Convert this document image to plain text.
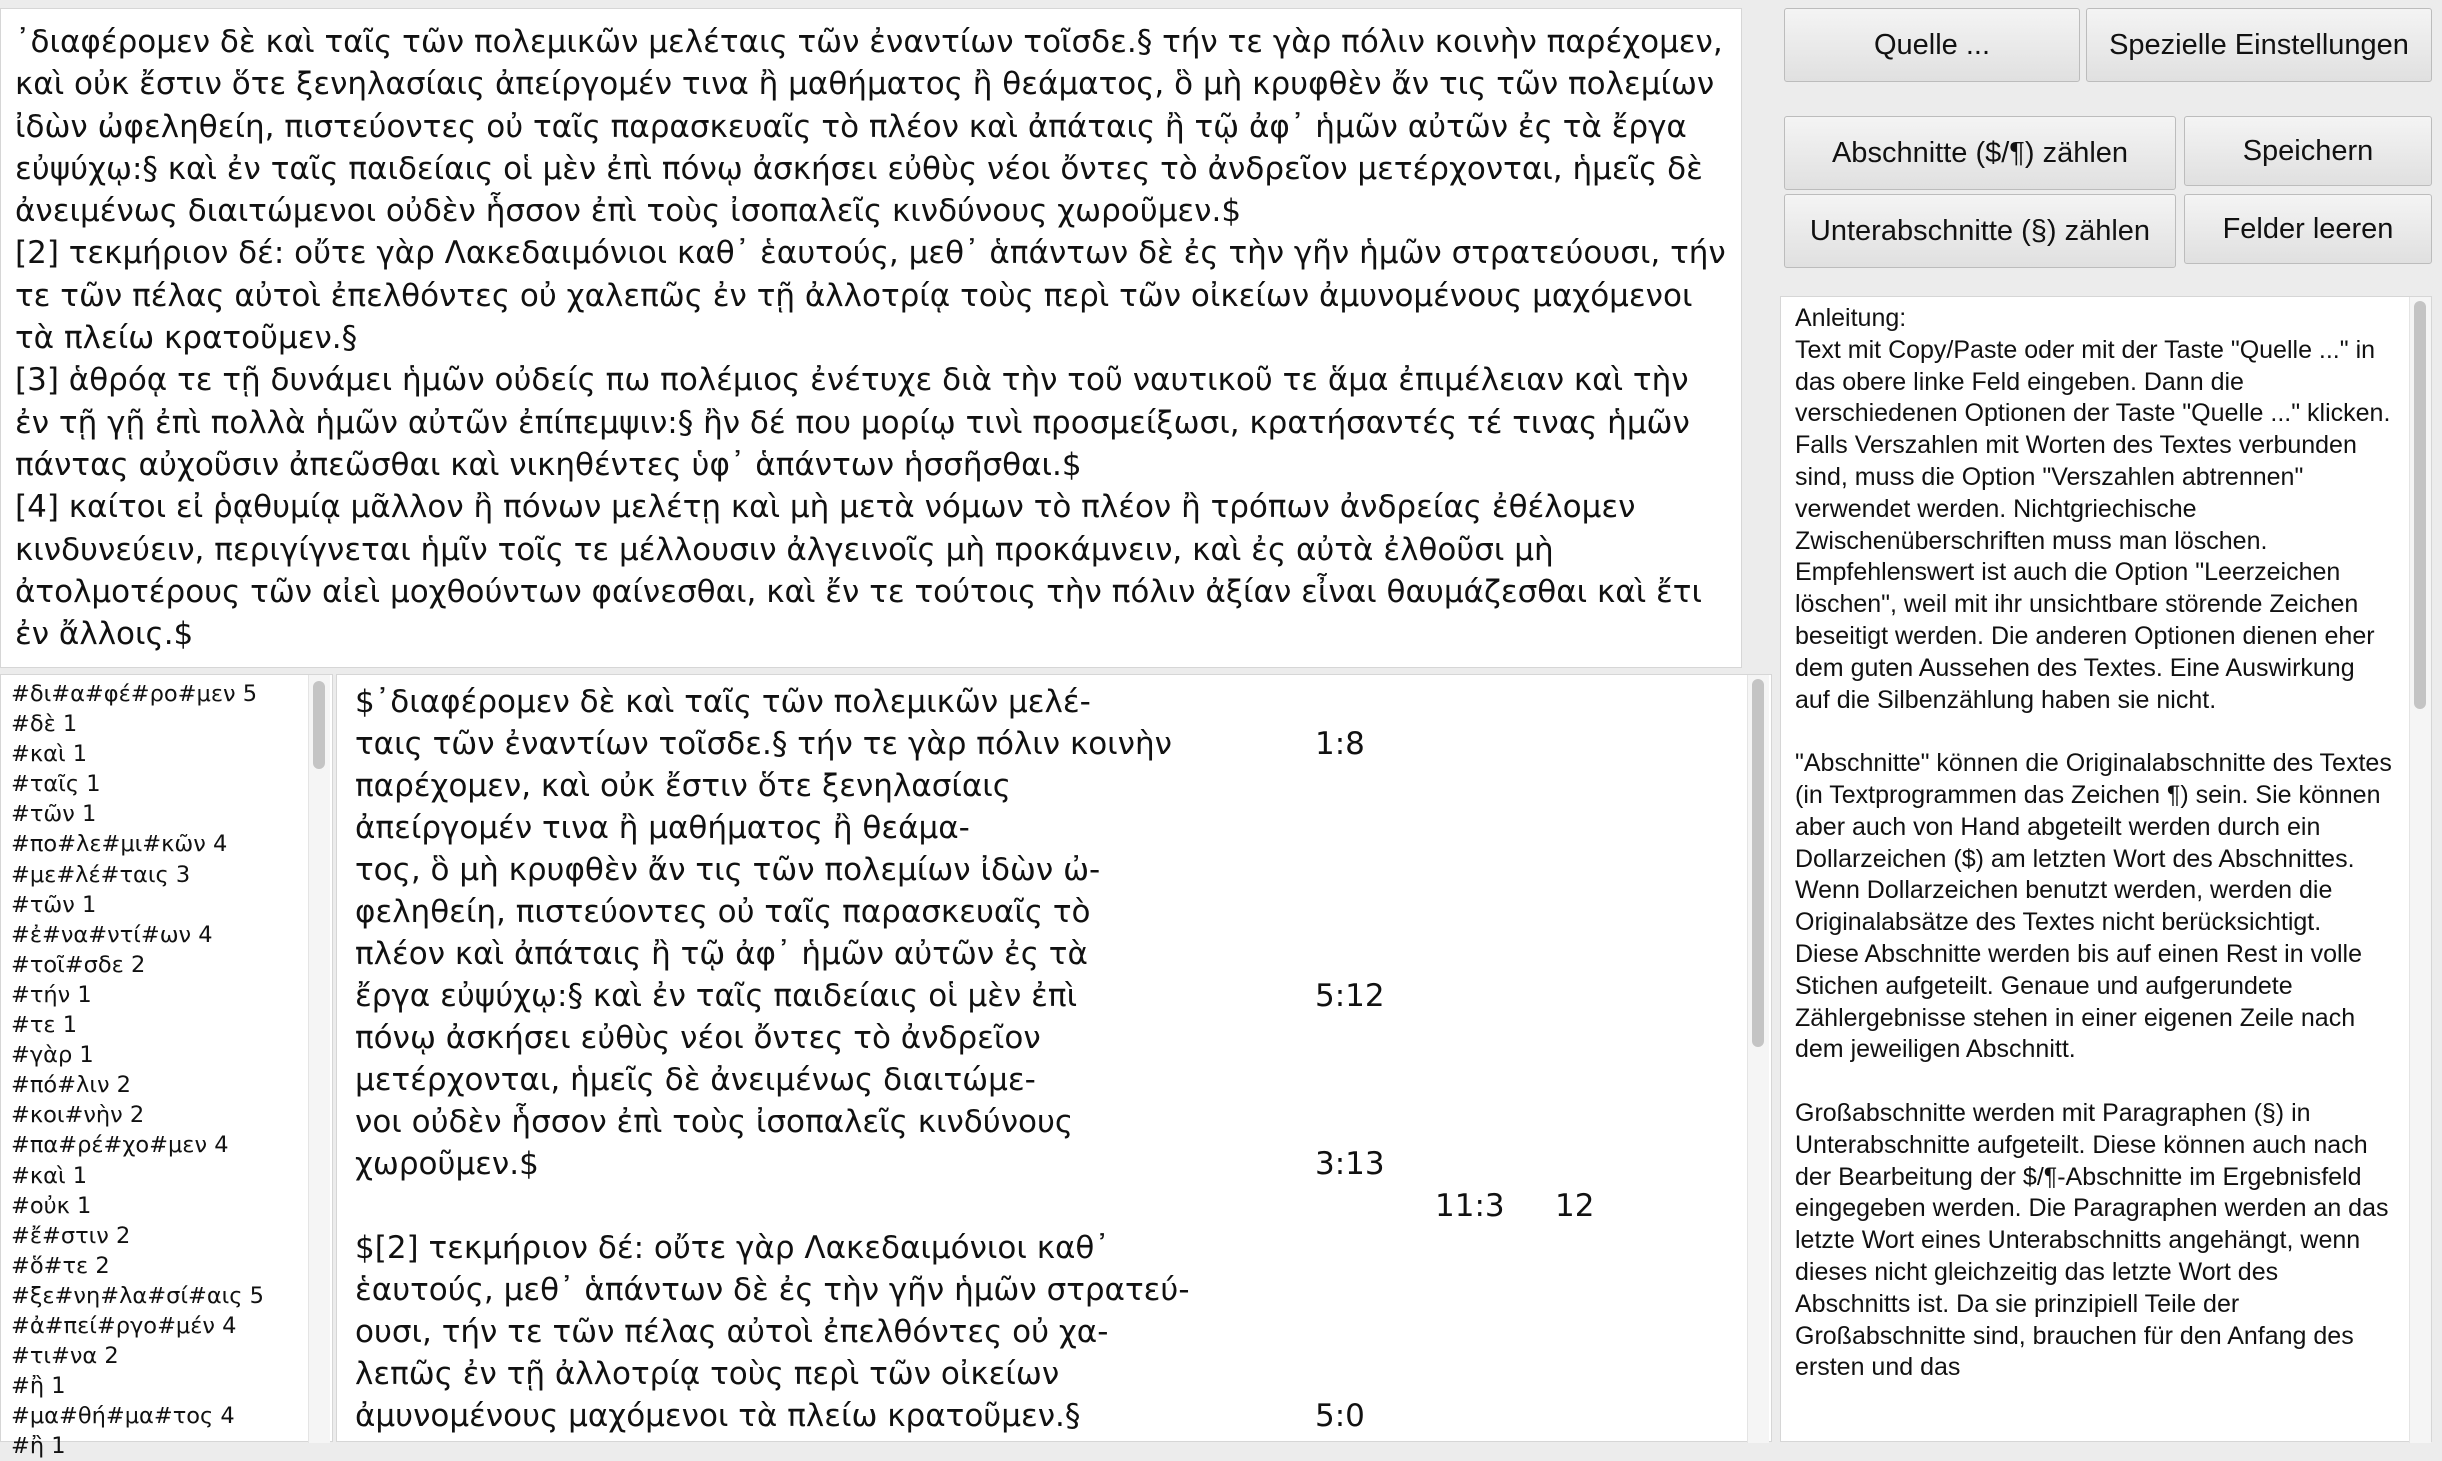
᾿διαφέρομεν δὲ καὶ ταῖς τῶν πολεμικῶν μελέταις τῶν ἐναντίων τοῖσδε.§ τήν τε γὰρ πόλιν κοινὴν παρέχομεν, καὶ οὐκ ἔστιν ὅτε ξενηλασίαις ἀπείργομέν τινα ἢ μαθήματος ἢ θεάματος, ὃ μὴ κρυφθὲν ἄν τις τῶν πολεμίων ἰδὼν ὠφεληθείη, πιστεύοντες οὐ ταῖς παρασκευαῖς τὸ πλέον καὶ ἀπάταις ἢ τῷ ἀφ᾽ ἡμῶν αὐτῶν ἐς τὰ ἔργα εὐψύχῳ:§ καὶ ἐν ταῖς παιδείαις οἱ μὲν ἐπὶ πόνῳ ἀσκήσει εὐθὺς νέοι ὄντες τὸ ἀνδρεῖον μετέρχονται, ἡμεῖς δὲ ἀνειμένως διαιτώμενοι οὐδὲν ἧσσον ἐπὶ τοὺς ἰσοπαλεῖς κινδύνους χωροῦμεν.$
[2] τεκμήριον δέ: οὔτε γὰρ Λακεδαιμόνιοι καθ᾽ ἑαυτούς, μεθ᾽ ἁπάντων δὲ ἐς τὴν γῆν ἡμῶν στρατεύουσι, τήν τε τῶν πέλας αὐτοὶ ἐπελθόντες οὐ χαλεπῶς ἐν τῇ ἀλλοτρίᾳ τοὺς περὶ τῶν οἰκείων ἀμυνομένους μαχόμενοι τὰ πλείω κρατοῦμεν.§
[3] ἁθρόᾳ τε τῇ δυνάμει ἡμῶν οὐδείς πω πολέμιος ἐνέτυχε διὰ τὴν τοῦ ναυτικοῦ τε ἅμα ἐπιμέλειαν καὶ τὴν ἐν τῇ γῇ ἐπὶ πολλὰ ἡμῶν αὐτῶν ἐπίπεμψιν:§ ἢν δέ που μορίῳ τινὶ προσμείξωσι, κρατήσαντές τέ τινας ἡμῶν πάντας αὐχοῦσιν ἀπεῶσθαι καὶ νικηθέντες ὑφ᾽ ἁπάντων ἡσσῆσθαι.$
[4] καίτοι εἰ ῥᾳθυμίᾳ μᾶλλον ἢ πόνων μελέτῃ καὶ μὴ μετὰ νόμων τὸ πλέον ἢ τρόπων ἀνδρείας ἐθέλομεν κινδυνεύειν, περιγίγνεται ἡμῖν τοῖς τε μέλλουσιν ἀλγεινοῖς μὴ προκάμνειν, καὶ ἐς αὐτὰ ἐλθοῦσι μὴ ἀτολμοτέρους τῶν αἰεὶ μοχθούντων φαίνεσθαι, καὶ ἔν τε τούτοις τὴν πόλιν ἀξίαν εἶναι θαυμάζεσθαι καὶ ἔτι ἐν ἄλλοις.$
#δι#α#φέ#ρο#μεν 5
#δὲ 1
#καὶ 1
#ταῖς 1
#τῶν 1
#πο#λε#μι#κῶν 4
#με#λέ#ταις 3
#τῶν 1
#ἐ#να#ντί#ων 4
#τοῖ#σδε 2
#τήν 1
#τε 1
#γὰρ 1
#πό#λιν 2
#κοι#νὴν 2
#πα#ρέ#χο#μεν 4
#καὶ 1
#οὐκ 1
#ἔ#στιν 2
#ὅ#τε 2
#ξε#νη#λα#σί#αις 5
#ἀ#πεί#ργο#μέν 4
#τι#να 2
#ἢ 1
#μα#θή#μα#τος 4
#ἢ 1
$᾿διαφέρομεν δὲ καὶ ταῖς τῶν πολεμικῶν μελέ-
ταις τῶν ἐναντίων τοῖσδε.§ τήν τε γὰρ πόλιν κοινὴν	1:8
παρέχομεν, καὶ οὐκ ἔστιν ὅτε ξενηλασίαις
ἀπείργομέν τινα ἢ μαθήματος ἢ θεάμα-
τος, ὃ μὴ κρυφθὲν ἄν τις τῶν πολεμίων ἰδὼν ὠ-
φεληθείη, πιστεύοντες οὐ ταῖς παρασκευαῖς τὸ
πλέον καὶ ἀπάταις ἢ τῷ ἀφ᾽ ἡμῶν αὐτῶν ἐς τὰ
ἔργα εὐψύχῳ:§ καὶ ἐν ταῖς παιδείαις οἱ μὲν ἐπὶ	5:12
πόνῳ ἀσκήσει εὐθὺς νέοι ὄντες τὸ ἀνδρεῖον
μετέρχονται, ἡμεῖς δὲ ἀνειμένως διαιτώμε-
νοι οὐδὲν ἧσσον ἐπὶ τοὺς ἰσοπαλεῖς κινδύνους
χωροῦμεν.$	3:13
11:3 12
$[2] τεκμήριον δέ: οὔτε γὰρ Λακεδαιμόνιοι καθ᾽
ἑαυτούς, μεθ᾽ ἁπάντων δὲ ἐς τὴν γῆν ἡμῶν στρατεύ-
ουσι, τήν τε τῶν πέλας αὐτοὶ ἐπελθόντες οὐ χα-
λεπῶς ἐν τῇ ἀλλοτρίᾳ τοὺς περὶ τῶν οἰκείων
ἀμυνομένους μαχόμενοι τὰ πλείω κρατοῦμεν.§	5:0
Quelle ...	Spezielle Einstellungen
Abschnitte ($/¶) zählen	Speichern
Unterabschnitte (§) zählen	Felder leeren
Anleitung:
Text mit Copy/Paste oder mit der Taste "Quelle ..." in das obere linke Feld eingeben. Dann die verschiedenen Optionen der Taste "Quelle ..." klicken. Falls Verszahlen mit Worten des Textes verbunden sind, muss die Option "Verszahlen abtrennen" verwendet werden. Nichtgriechische Zwischenüberschriften muss man löschen. Empfehlenswert ist auch die Option "Leerzeichen löschen", weil mit ihr unsichtbare störende Zeichen beseitigt werden. Die anderen Optionen dienen eher dem guten Aussehen des Textes. Eine Auswirkung auf die Silbenzählung haben sie nicht.

"Abschnitte" können die Originalabschnitte des Textes (in Textprogrammen das Zeichen ¶) sein. Sie können aber auch von Hand abgeteilt werden durch ein Dollarzeichen ($) am letzten Wort des Abschnittes. Wenn Dollarzeichen benutzt werden, werden die Originalabsätze des Textes nicht berücksichtigt.
Diese Abschnitte werden bis auf einen Rest in volle Stichen aufgeteilt. Genaue und aufgerundete Zählergebnisse stehen in einer eigenen Zeile nach dem jeweiligen Abschnitt.

Großabschnitte werden mit Paragraphen (§) in Unterabschnitte aufgeteilt. Diese können auch nach der Bearbeitung der $/¶-Abschnitte im Ergebnisfeld eingegeben werden. Die Paragraphen werden an das letzte Wort eines Unterabschnitts angehängt, wenn dieses nicht gleichzeitig das letzte Wort des Abschnitts ist. Da sie prinzipiell Teile der Großabschnitte sind, brauchen für den Anfang des ersten und das
